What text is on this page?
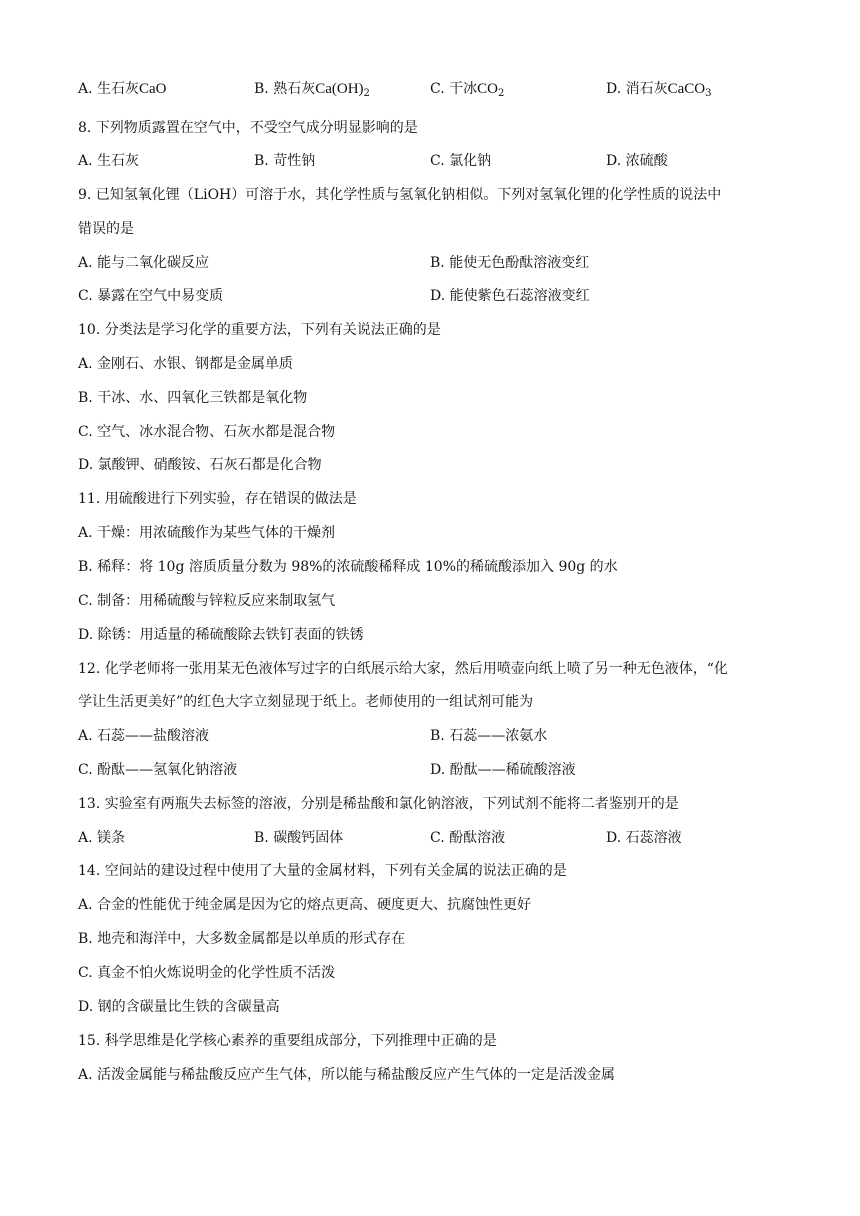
A. 生石灰CaO	B. 熟石灰$Ca(OH)_2$	C. 干冰$CO_2$	D. 消石灰CaCO$_3$
8. 下列物质露置在空气中，不受空气成分明显影响的是
A. 生石灰	B. 苛性钠	C. 氯化钠	D. 浓硫酸
9. 已知氢氧化锂（LiOH）可溶于水，其化学性质与氢氧化钠相似。下列对氢氧化锂的化学性质的说法中
错误的是
A. 能与二氧化碳反应	B. 能使无色酚酞溶液变红
C. 暴露在空气中易变质	D. 能使紫色石蕊溶液变红
10. 分类法是学习化学的重要方法，下列有关说法正确的是
A. 金刚石、水银、钢都是金属单质
B. 干冰、水、四氧化三铁都是氧化物
C. 空气、冰水混合物、石灰水都是混合物
D. 氯酸钾、硝酸铵、石灰石都是化合物
11. 用硫酸进行下列实验，存在错误的做法是
A. 干燥：用浓硫酸作为某些气体的干燥剂
B. 稀释：将 10g 溶质质量分数为 98%的浓硫酸稀释成 10%的稀硫酸添加入 90g 的水
C. 制备：用稀硫酸与锌粒反应来制取氢气
D. 除锈：用适量的稀硫酸除去铁钉表面的铁锈
12. 化学老师将一张用某无色液体写过字的白纸展示给大家，然后用喷壶向纸上喷了另一种无色液体，“化
学让生活更美好”的红色大字立刻显现于纸上。老师使用的一组试剂可能为
A. 石蕊——盐酸溶液	B. 石蕊——浓氨水
C. 酚酞——氢氧化钠溶液	D. 酚酞——稀硫酸溶液
13. 实验室有两瓶失去标签的溶液，分别是稀盐酸和氯化钠溶液，下列试剂不能将二者鉴别开的是
A. 镁条	B. 碳酸钙固体	C. 酚酞溶液	D. 石蕊溶液
14. 空间站的建设过程中使用了大量的金属材料，下列有关金属的说法正确的是
A. 合金的性能优于纯金属是因为它的熔点更高、硬度更大、抗腐蚀性更好
B. 地壳和海洋中，大多数金属都是以单质的形式存在
C. 真金不怕火炼说明金的化学性质不活泼
D. 钢的含碳量比生铁的含碳量高
15. 科学思维是化学核心素养的重要组成部分，下列推理中正确的是
A. 活泼金属能与稀盐酸反应产生气体，所以能与稀盐酸反应产生气体的一定是活泼金属
